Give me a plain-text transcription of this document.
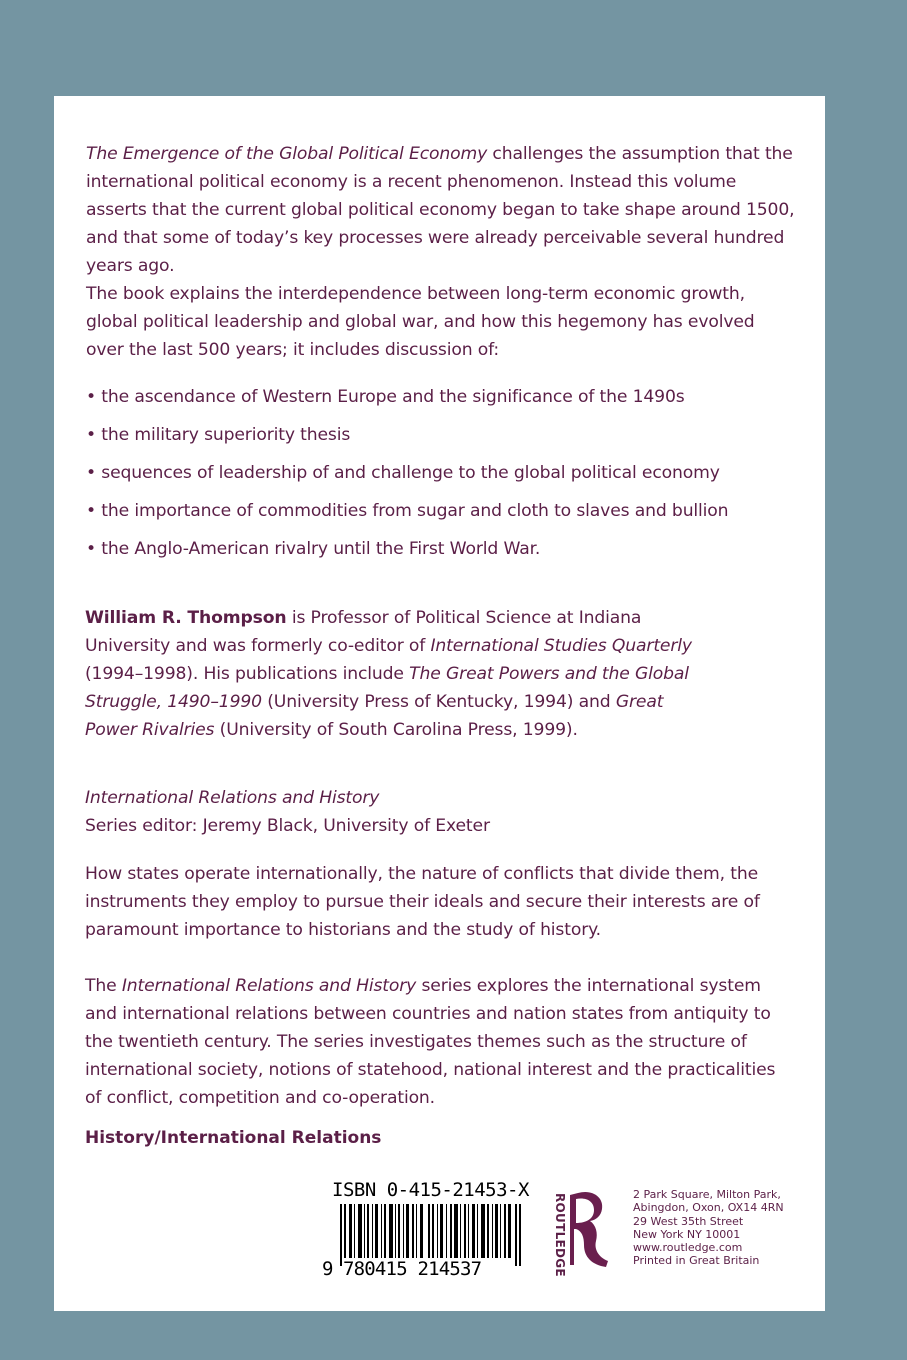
The Emergence of the Global Political Economy challenges the assumption that the international political economy is a recent phenomenon. Instead this volume asserts that the current global political economy began to take shape around 1500, and that some of today’s key processes were already perceivable several hundred years ago.

The book explains the interdependence between long-term economic growth, global political leadership and global war, and how this hegemony has evolved over the last 500 years; it includes discussion of:
• the ascendance of Western Europe and the significance of the 1490s
• the military superiority thesis
• sequences of leadership of and challenge to the global political economy
• the importance of commodities from sugar and cloth to slaves and bullion
• the Anglo-American rivalry until the First World War.

William R. Thompson is Professor of Political Science at Indiana University and was formerly co-editor of International Studies Quarterly (1994–1998). His publications include The Great Powers and the Global Struggle, 1490–1990 (University Press of Kentucky, 1994) and Great Power Rivalries (University of South Carolina Press, 1999).

International Relations and History

Series editor: Jeremy Black, University of Exeter

How states operate internationally, the nature of conflicts that divide them, the instruments they employ to pursue their ideals and secure their interests are of paramount importance to historians and the study of history.

The International Relations and History series explores the international system and international relations between countries and nation states from antiquity to the twentieth century. The series investigates themes such as the structure of international society, notions of statehood, national interest and the practicalities of conflict, competition and co-operation.

History/International Relations
ISBN 0-415-21453-X
9 780415 214537	ROUTLEDGE	2 Park Square, Milton Park,
Abingdon, Oxon, OX14 4RN
29 West 35th Street
New York NY 10001
www.routledge.com
Printed in Great Britain
